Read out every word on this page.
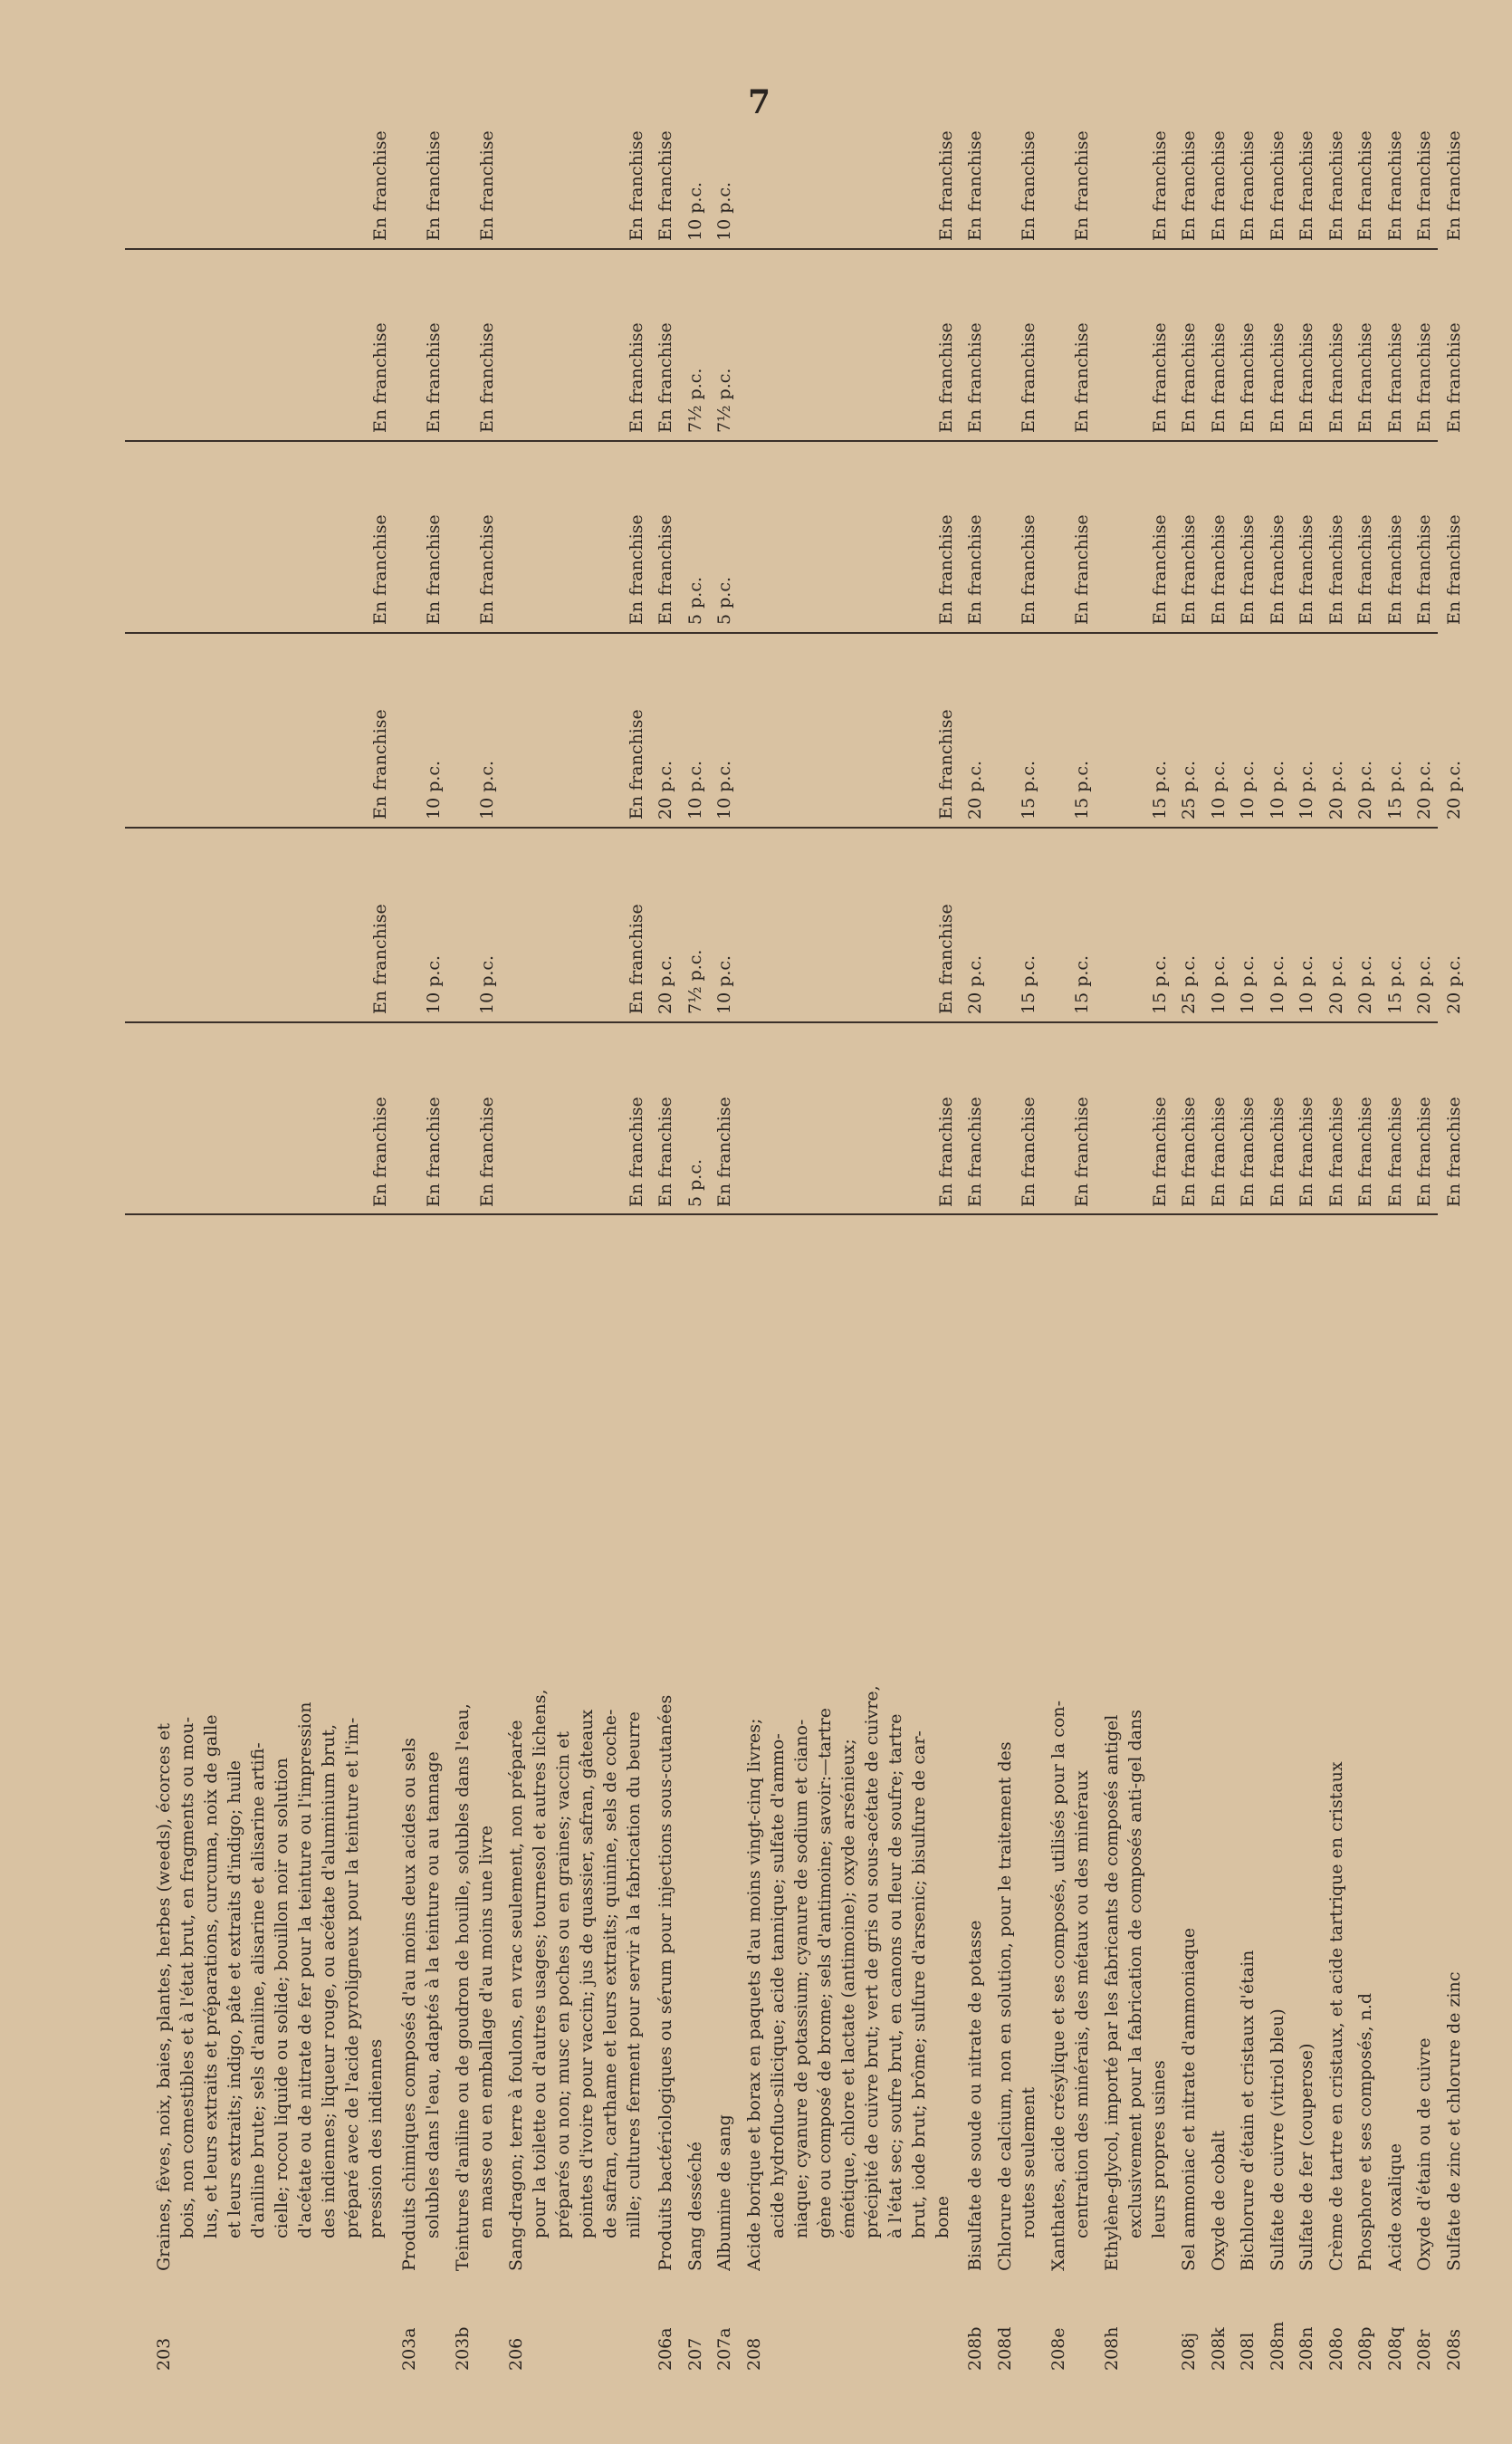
7
203
Graines, fèves, noix, baies, plantes, herbes (weeds), écorces et bois, non comestibles et à l'état brut, en fragments ou mou- lus, et leurs extraits et préparations, curcuma, noix de galle et leurs extraits; indigo, pâte et extraits d'indigo; huile d'aniline brute; sels d'aniline, alisarine et alisarine artifi- cielle; rocou liquide ou solide; bouillon noir ou solution d'acétate ou de nitrate de fer pour la teinture ou l'impression des indiennes; liqueur rouge, ou acétate d'aluminium brut, préparé avec de l'acide pyroligneux pour la teinture et l'im- pression des indiennes
En franchise
En franchise
En franchise
En franchise
En franchise
En franchise
203a
Produits chimiques composés d'au moins deux acides ou sels solubles dans l'eau, adaptés à la teinture ou au tannage
En franchise
10 p.c.
10 p.c.
En franchise
En franchise
En franchise
203b
Teintures d'aniline ou de goudron de houille, solubles dans l'eau, en masse ou en emballage d'au moins une livre
En franchise
10 p.c.
10 p.c.
En franchise
En franchise
En franchise
206
Sang-dragon; terre à foulons, en vrac seulement, non préparée pour la toilette ou d'autres usages; tournesol et autres lichens, préparés ou non; musc en poches ou en graines; vaccin et pointes d'ivoire pour vaccin; jus de quassier, safran, gâteaux de safran, carthame et leurs extraits; quinine, sels de coche- nille; cultures ferment pour servir à la fabrication du beurre
En franchise
En franchise
En franchise
En franchise
En franchise
En franchise
206a
Produits bactériologiques ou sérum pour injections sous-cutanées
En franchise
20 p.c.
20 p.c.
En franchise
En franchise
En franchise
207
Sang desséché
5 p.c.
7½ p.c.
10 p.c.
5 p.c.
7½ p.c.
10 p.c.
207a
Albumine de sang
En franchise
10 p.c.
10 p.c.
5 p.c.
7½ p.c.
10 p.c.
208
Acide borique et borax en paquets d'au moins vingt-cinq livres; acide hydrofluo-silicique; acide tannique; sulfate d'ammo- niaque; cyanure de potassium; cyanure de sodium et ciano- gène ou composé de brome; sels d'antimoine; savoir:—tartre émétique, chlore et lactate (antimoine); oxyde arsénieux; précipité de cuivre brut; vert de gris ou sous-acétate de cuivre, à l'état sec; soufre brut, en canons ou fleur de soufre; tartre brut, iode brut; brôme; sulfure d'arsenic; bisulfure de car- bone
En franchise
En franchise
En franchise
En franchise
En franchise
En franchise
208b
Bisulfate de soude ou nitrate de potasse
En franchise
20 p.c.
20 p.c.
En franchise
En franchise
En franchise
208d
Chlorure de calcium, non en solution, pour le traitement des routes seulement
En franchise
15 p.c.
15 p.c.
En franchise
En franchise
En franchise
208e
Xanthates, acide crésylique et ses composés, utilisés pour la con- centration des minérais, des métaux ou des minéraux
En franchise
15 p.c.
15 p.c.
En franchise
En franchise
En franchise
208h
Ethylène-glycol, importé par les fabricants de composés antigel exclusivement pour la fabrication de composés anti-gel dans leurs propres usines
En franchise
15 p.c.
15 p.c.
En franchise
En franchise
En franchise
208j
Sel ammoniac et nitrate d'ammoniaque
En franchise
25 p.c.
25 p.c.
En franchise
En franchise
En franchise
208k
Oxyde de cobalt
En franchise
10 p.c.
10 p.c.
En franchise
En franchise
En franchise
208l
Bichlorure d'étain et cristaux d'étain
En franchise
10 p.c.
10 p.c.
En franchise
En franchise
En franchise
208m
Sulfate de cuivre (vitriol bleu)
En franchise
10 p.c.
10 p.c.
En franchise
En franchise
En franchise
208n
Sulfate de fer (couperose)
En franchise
10 p.c.
10 p.c.
En franchise
En franchise
En franchise
208o
Crème de tartre en cristaux, et acide tartrique en cristaux
En franchise
20 p.c.
20 p.c.
En franchise
En franchise
En franchise
208p
Phosphore et ses composés, n.d
En franchise
20 p.c.
20 p.c.
En franchise
En franchise
En franchise
208q
Acide oxalique
En franchise
15 p.c.
15 p.c.
En franchise
En franchise
En franchise
208r
Oxyde d'étain ou de cuivre
En franchise
20 p.c.
20 p.c.
En franchise
En franchise
En franchise
208s
Sulfate de zinc et chlorure de zinc
En franchise
20 p.c.
20 p.c.
En franchise
En franchise
En franchise
